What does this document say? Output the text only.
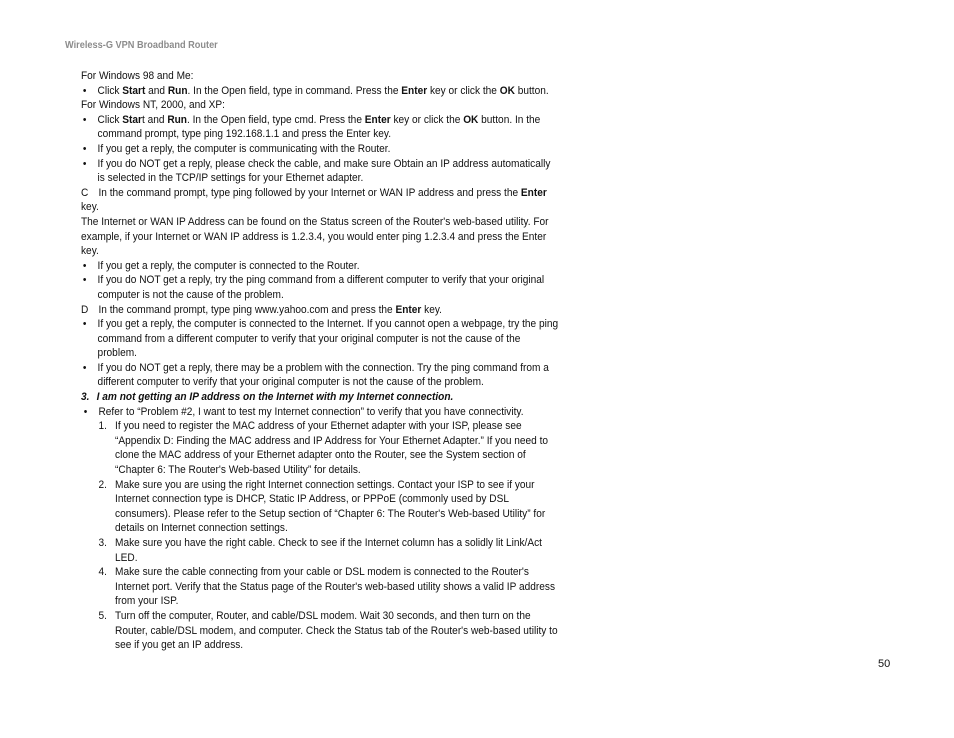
Wireless-G VPN Broadband Router

For Windows 98 and Me:

• Click Start and Run. In the Open field, type in command. Press the Enter key or click the OK button.

For Windows NT, 2000, and XP:

• Click Start and Run. In the Open field, type cmd. Press the Enter key or click the OK button. In the command prompt, type ping 192.168.1.1 and press the Enter key.

• If you get a reply, the computer is communicating with the Router.

• If you do NOT get a reply, please check the cable, and make sure Obtain an IP address automatically is selected in the TCP/IP settings for your Ethernet adapter.

C In the command prompt, type ping followed by your Internet or WAN IP address and press the Enter key.

The Internet or WAN IP Address can be found on the Status screen of the Router's web-based utility. For example, if your Internet or WAN IP address is 1.2.3.4, you would enter ping 1.2.3.4 and press the Enter key.

• If you get a reply, the computer is connected to the Router.

• If you do NOT get a reply, try the ping command from a different computer to verify that your original computer is not the cause of the problem.

D In the command prompt, type ping www.yahoo.com and press the Enter key.

• If you get a reply, the computer is connected to the Internet. If you cannot open a webpage, try the ping command from a different computer to verify that your original computer is not the cause of the problem.

• If you do NOT get a reply, there may be a problem with the connection. Try the ping command from a different computer to verify that your original computer is not the cause of the problem.

3. I am not getting an IP address on the Internet with my Internet connection.

• Refer to “Problem #2, I want to test my Internet connection” to verify that you have connectivity.

1. If you need to register the MAC address of your Ethernet adapter with your ISP, please see “Appendix D: Finding the MAC address and IP Address for Your Ethernet Adapter.” If you need to clone the MAC address of your Ethernet adapter onto the Router, see the System section of “Chapter 6: The Router's Web-based Utility” for details.

2. Make sure you are using the right Internet connection settings. Contact your ISP to see if your Internet connection type is DHCP, Static IP Address, or PPPoE (commonly used by DSL consumers). Please refer to the Setup section of “Chapter 6: The Router's Web-based Utility” for details on Internet connection settings.

3. Make sure you have the right cable. Check to see if the Internet column has a solidly lit Link/Act LED.

4. Make sure the cable connecting from your cable or DSL modem is connected to the Router's Internet port. Verify that the Status page of the Router's web-based utility shows a valid IP address from your ISP.

5. Turn off the computer, Router, and cable/DSL modem. Wait 30 seconds, and then turn on the Router, cable/DSL modem, and computer. Check the Status tab of the Router's web-based utility to see if you get an IP address.

50
